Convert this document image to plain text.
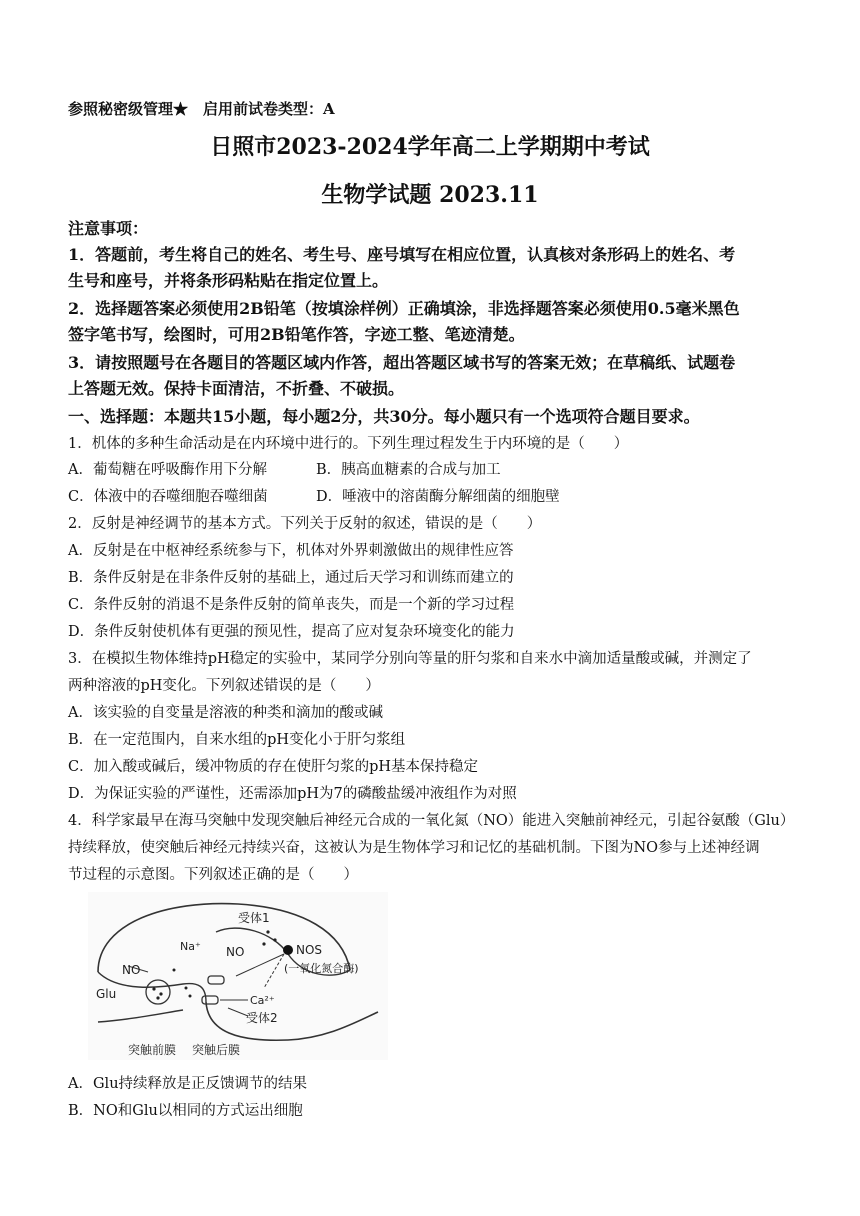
参照秘密级管理★　启用前试卷类型：A
日照市2023-2024学年高二上学期期中考试
生物学试题 2023.11
注意事项：
1．答题前，考生将自己的姓名、考生号、座号填写在相应位置，认真核对条形码上的姓名、考
生号和座号，并将条形码粘贴在指定位置上。
2．选择题答案必须使用2B铅笔（按填涂样例）正确填涂，非选择题答案必须使用0.5毫米黑色
签字笔书写，绘图时，可用2B铅笔作答，字迹工整、笔迹清楚。
3．请按照题号在各题目的答题区域内作答，超出答题区域书写的答案无效；在草稿纸、试题卷
上答题无效。保持卡面清洁，不折叠、不破损。
一、选择题：本题共15小题，每小题2分，共30分。每小题只有一个选项符合题目要求。
1．机体的多种生命活动是在内环境中进行的。下列生理过程发生于内环境的是（　　）
A．葡萄糖在呼吸酶作用下分解	B．胰高血糖素的合成与加工
C．体液中的吞噬细胞吞噬细菌	D．唾液中的溶菌酶分解细菌的细胞壁
2．反射是神经调节的基本方式。下列关于反射的叙述，错误的是（　　）
A．反射是在中枢神经系统参与下，机体对外界刺激做出的规律性应答
B．条件反射是在非条件反射的基础上，通过后天学习和训练而建立的
C．条件反射的消退不是条件反射的简单丧失，而是一个新的学习过程
D．条件反射使机体有更强的预见性，提高了应对复杂环境变化的能力
3．在模拟生物体维持pH稳定的实验中，某同学分别向等量的肝匀浆和自来水中滴加适量酸或碱，并测定了
两种溶液的pH变化。下列叙述错误的是（　　）
A．该实验的自变量是溶液的种类和滴加的酸或碱
B．在一定范围内，自来水组的pH变化小于肝匀浆组
C．加入酸或碱后，缓冲物质的存在使肝匀浆的pH基本保持稳定
D．为保证实验的严谨性，还需添加pH为7的磷酸盐缓冲液组作为对照
4．科学家最早在海马突触中发现突触后神经元合成的一氧化氮（NO）能进入突触前神经元，引起谷氨酸（Glu）
持续释放，使突触后神经元持续兴奋，这被认为是生物体学习和记忆的基础机制。下图为NO参与上述神经调
节过程的示意图。下列叙述正确的是（　　）
受体1
Na⁺ NO	NOS
(一氧化氮合酶)
NO
Glu	Ca²⁺
受体2
突触前膜 突触后膜
A．Glu持续释放是正反馈调节的结果
B．NO和Glu以相同的方式运出细胞
